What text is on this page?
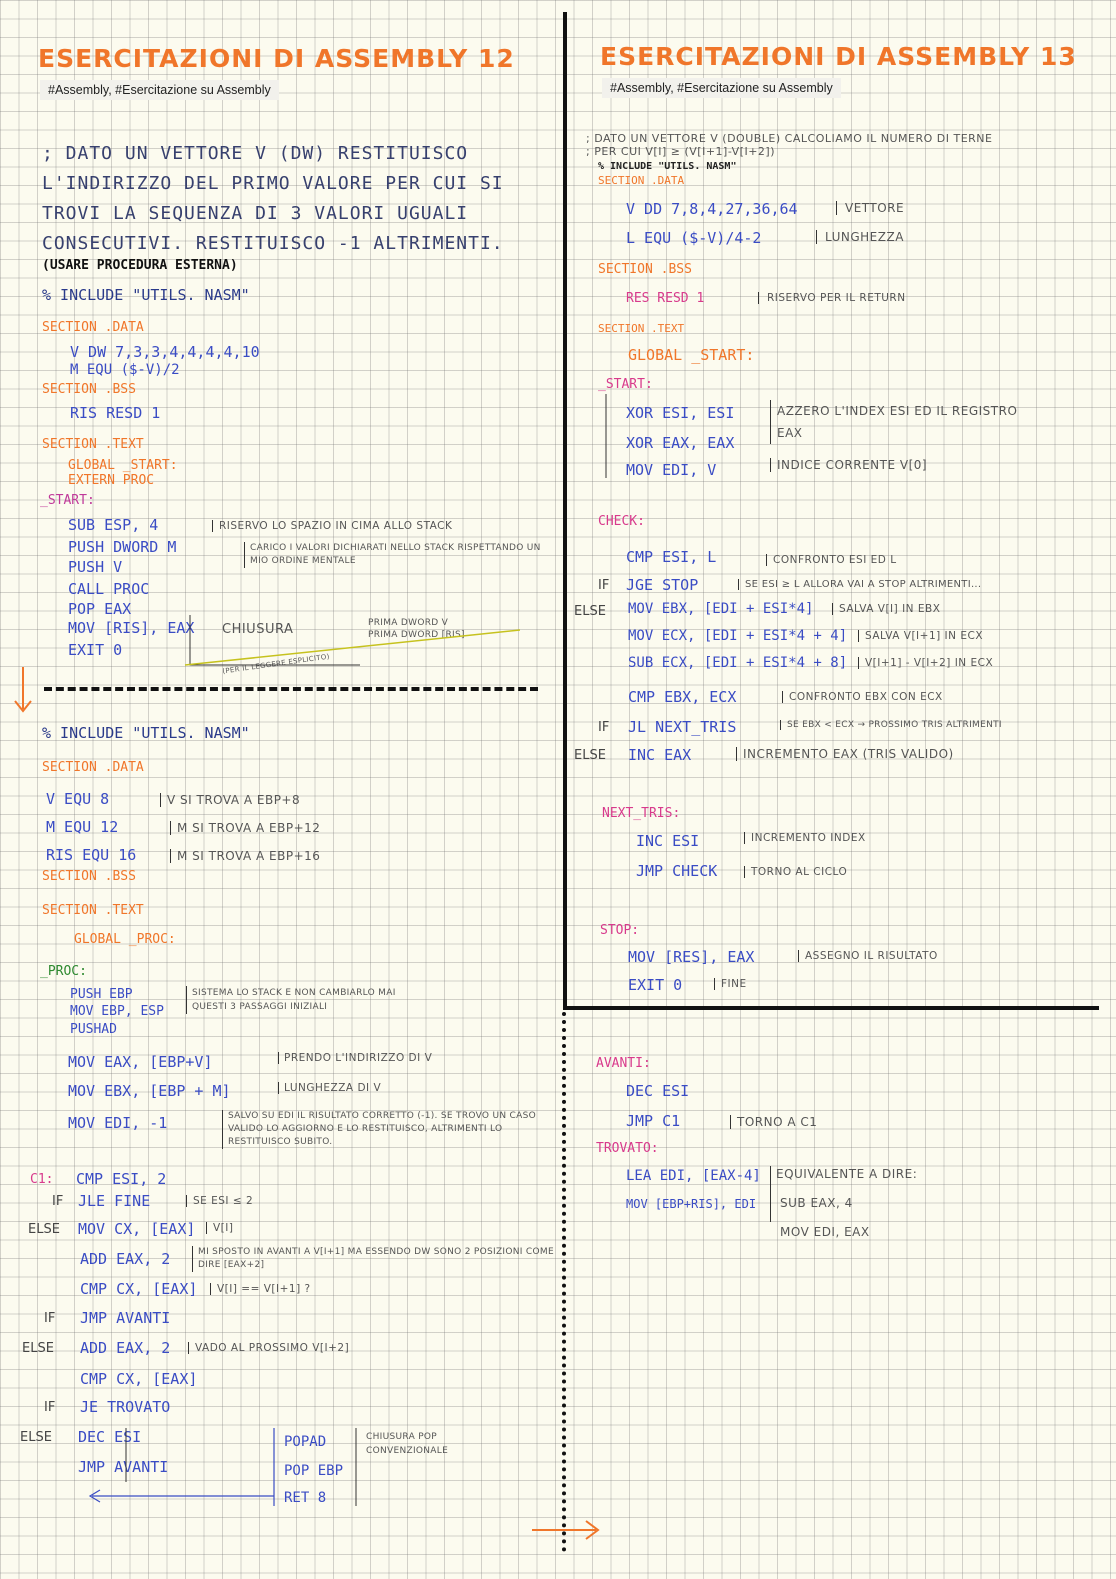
ESERCITAZIONI DI ASSEMBLY 12
#Assembly, #Esercitazione su Assembly
; DATO UN VETTORE V (DW) RESTITUISCO
L'INDIRIZZO DEL PRIMO VALORE PER CUI SI
TROVI LA SEQUENZA DI 3 VALORI UGUALI
CONSECUTIVI. RESTITUISCO -1 ALTRIMENTI.
(USARE PROCEDURA ESTERNA)
% INCLUDE "UTILS. NASM"
SECTION .DATA
V DW 7,3,3,4,4,4,4,10
M EQU ($-V)/2
SECTION .BSS
RIS RESD 1
SECTION .TEXT
GLOBAL _START:
EXTERN PROC
_START:
SUB ESP, 4	RISERVO LO SPAZIO IN CIMA ALLO STACK
PUSH DWORD M
PUSH V
CARICO I VALORI DICHIARATI NELLO STACK RISPETTANDO UN MIO ORDINE MENTALE
CALL PROC
POP EAX
MOV [RIS], EAX CHIUSURA
EXIT 0
PRIMA DWORD V
PRIMA DWORD [RIS]
(PER IL LEGGERE ESPLICITO)
% INCLUDE "UTILS. NASM"
SECTION .DATA
V EQU 8	V SI TROVA A EBP+8
M EQU 12	M SI TROVA A EBP+12
RIS EQU 16	M SI TROVA A EBP+16
SECTION .BSS
SECTION .TEXT
GLOBAL _PROC:
_PROC:
PUSH EBP
MOV EBP, ESP
PUSHAD
SISTEMA LO STACK E NON CAMBIARLO MAI QUESTI 3 PASSAGGI INIZIALI
MOV EAX, [EBP+V]	PRENDO L'INDIRIZZO DI V
MOV EBX, [EBP + M]	LUNGHEZZA DI V
MOV EDI, -1	SALVO SU EDI IL RISULTATO CORRETTO (-1). SE TROVO UN CASO VALIDO LO AGGIORNO E LO RESTITUISCO, ALTRIMENTI LO RESTITUISCO SUBITO.
C1: CMP ESI, 2
IF JLE FINE	SE ESI ≤ 2
ELSE MOV CX, [EAX]	V[I]
ADD EAX, 2	MI SPOSTO IN AVANTI A V[I+1] MA ESSENDO DW SONO 2 POSIZIONI COME DIRE [EAX+2]
CMP CX, [EAX]	V[I] == V[I+1] ?
IF JMP AVANTI
ELSE ADD EAX, 2	VADO AL PROSSIMO V[I+2]
CMP CX, [EAX]
IF JE TROVATO
ELSE DEC ESI
JMP AVANTI
POPAD
POP EBP
RET 8
CHIUSURA POP CONVENZIONALE
ESERCITAZIONI DI ASSEMBLY 13
#Assembly, #Esercitazione su Assembly
; DATO UN VETTORE V (DOUBLE) CALCOLIAMO IL NUMERO DI TERNE
; PER CUI V[I] ≥ (V[I+1]-V[I+2])
% INCLUDE "UTILS. NASM"
SECTION .DATA
V DD 7,8,4,27,36,64	VETTORE
L EQU ($-V)/4-2	LUNGHEZZA
SECTION .BSS
RES RESD 1	RISERVO PER IL RETURN
SECTION .TEXT
GLOBAL _START:
_START:
XOR ESI, ESI
XOR EAX, EAX
AZZERO L'INDEX ESI ED IL REGISTRO EAX
MOV EDI, V	INDICE CORRENTE V[0]
CHECK:
CMP ESI, L	CONFRONTO ESI ED L
IF JGE STOP	SE ESI ≥ L ALLORA VAI A STOP ALTRIMENTI...
ELSE MOV EBX, [EDI + ESI*4]	SALVA V[I] IN EBX
MOV ECX, [EDI + ESI*4 + 4]	SALVA V[I+1] IN ECX
SUB ECX, [EDI + ESI*4 + 8]	V[I+1] - V[I+2] IN ECX
CMP EBX, ECX	CONFRONTO EBX CON ECX
IF JL NEXT_TRIS	SE EBX < ECX → PROSSIMO TRIS ALTRIMENTI
ELSE INC EAX	INCREMENTO EAX (TRIS VALIDO)
NEXT_TRIS:
INC ESI	INCREMENTO INDEX
JMP CHECK	TORNO AL CICLO
STOP:
MOV [RES], EAX	ASSEGNO IL RISULTATO
EXIT 0	FINE
AVANTI:
DEC ESI
JMP C1	TORNO A C1
TROVATO:
LEA EDI, [EAX-4] EQUIVALENTE A DIRE:
MOV [EBP+RIS], EDI SUB EAX, 4
MOV EDI, EAX
